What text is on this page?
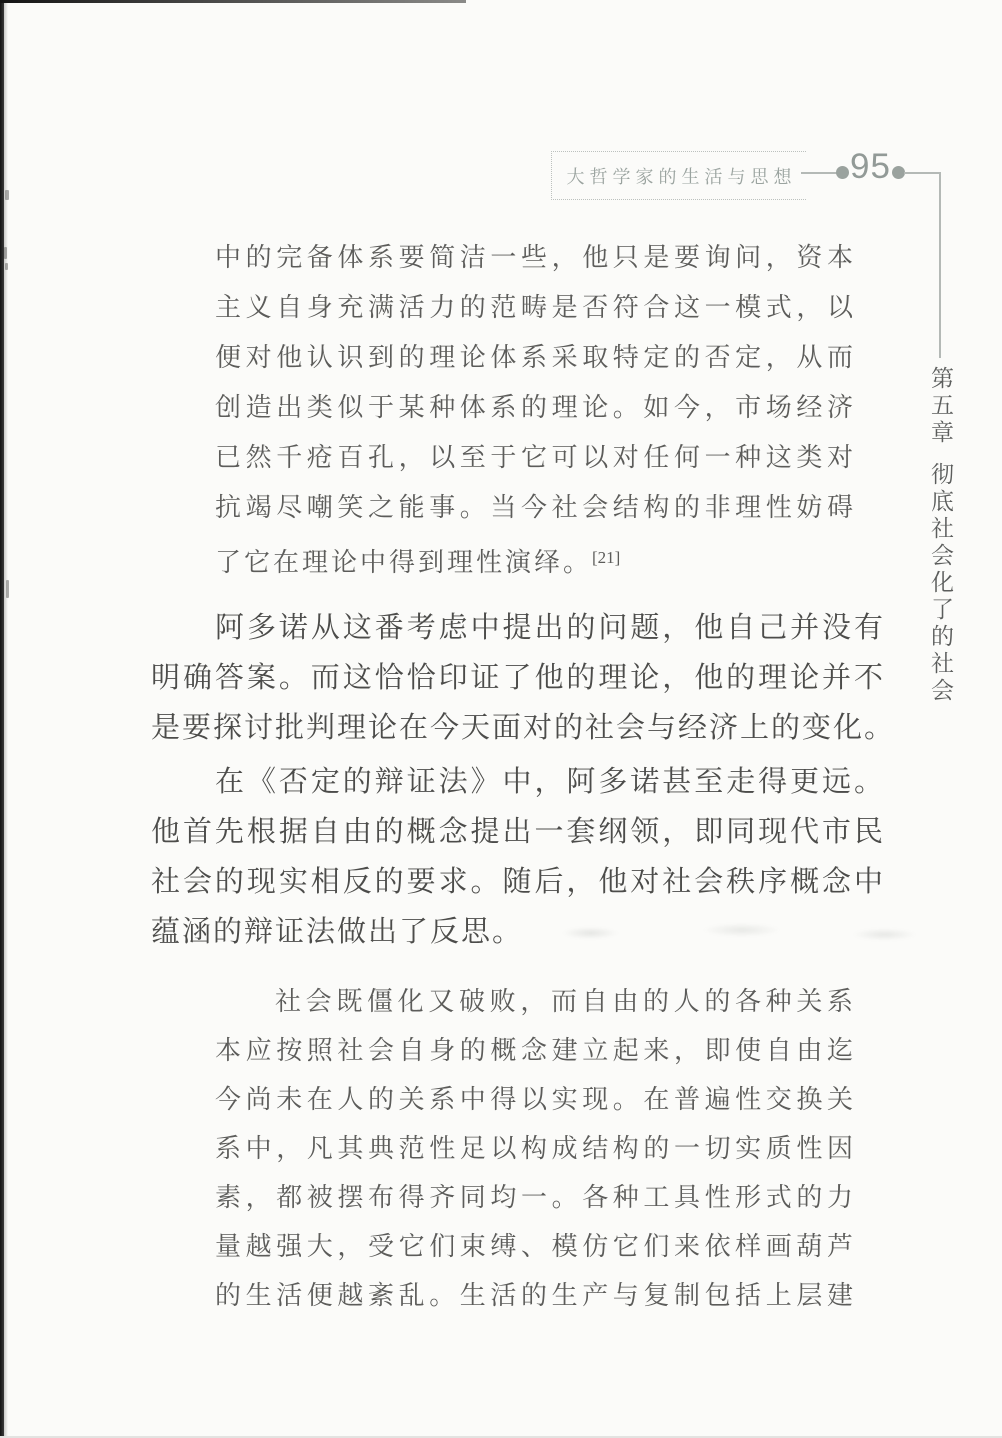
大哲学家的生活与思想 95
第五章彻底社会化了的社会
中的完备体系要简洁一些，他只是要询问，资本
主义自身充满活力的范畴是否符合这一模式，以
便对他认识到的理论体系采取特定的否定，从而
创造出类似于某种体系的理论。如今，市场经济
已然千疮百孔，以至于它可以对任何一种这类对
抗竭尽嘲笑之能事。当今社会结构的非理性妨碍
了它在理论中得到理性演绎。[21]
阿多诺从这番考虑中提出的问题，他自己并没有
明确答案。而这恰恰印证了他的理论，他的理论并不
是要探讨批判理论在今天面对的社会与经济上的变化。
在《否定的辩证法》中，阿多诺甚至走得更远。
他首先根据自由的概念提出一套纲领，即同现代市民
社会的现实相反的要求。随后，他对社会秩序概念中
蕴涵的辩证法做出了反思。
社会既僵化又破败，而自由的人的各种关系
本应按照社会自身的概念建立起来，即使自由迄
今尚未在人的关系中得以实现。在普遍性交换关
系中，凡其典范性足以构成结构的一切实质性因
素，都被摆布得齐同均一。各种工具性形式的力
量越强大，受它们束缚、模仿它们来依样画葫芦
的生活便越紊乱。生活的生产与复制包括上层建
